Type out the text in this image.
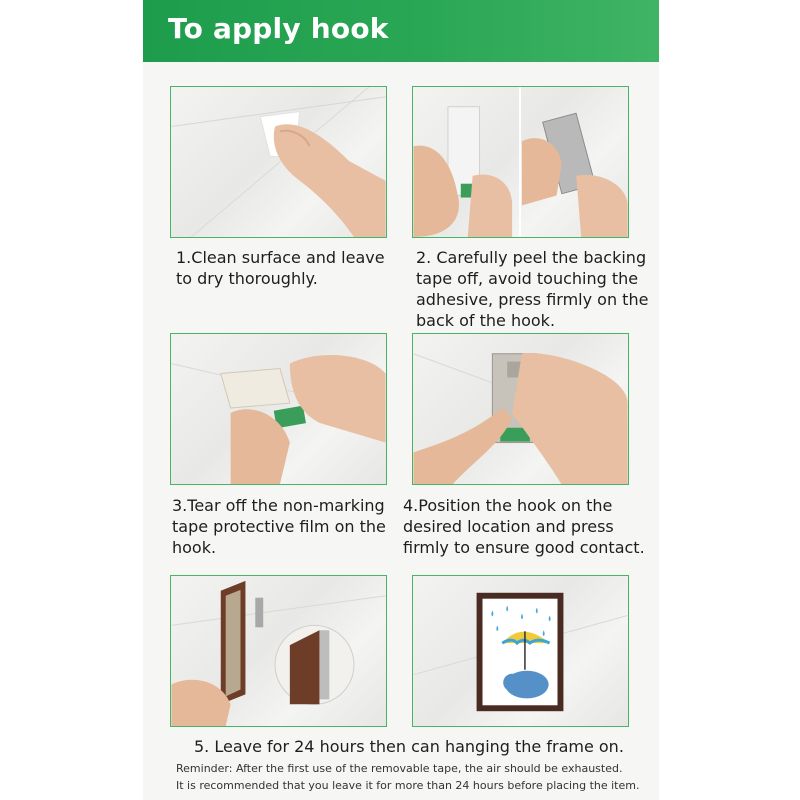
To apply hook
1.Clean surface and leave
to dry thoroughly.
2. Carefully peel the backing
tape off, avoid touching the
adhesive, press firmly on the
back of the hook.
3.Tear off the non-marking
tape protective film on the
hook.
4.Position the hook on the
desired location and press
firmly to ensure good contact.
5. Leave for 24 hours then can hanging the frame on.
Reminder: After the first use of the removable tape, the air should be exhausted.
It is recommended that you leave it for more than 24 hours before placing the item.
